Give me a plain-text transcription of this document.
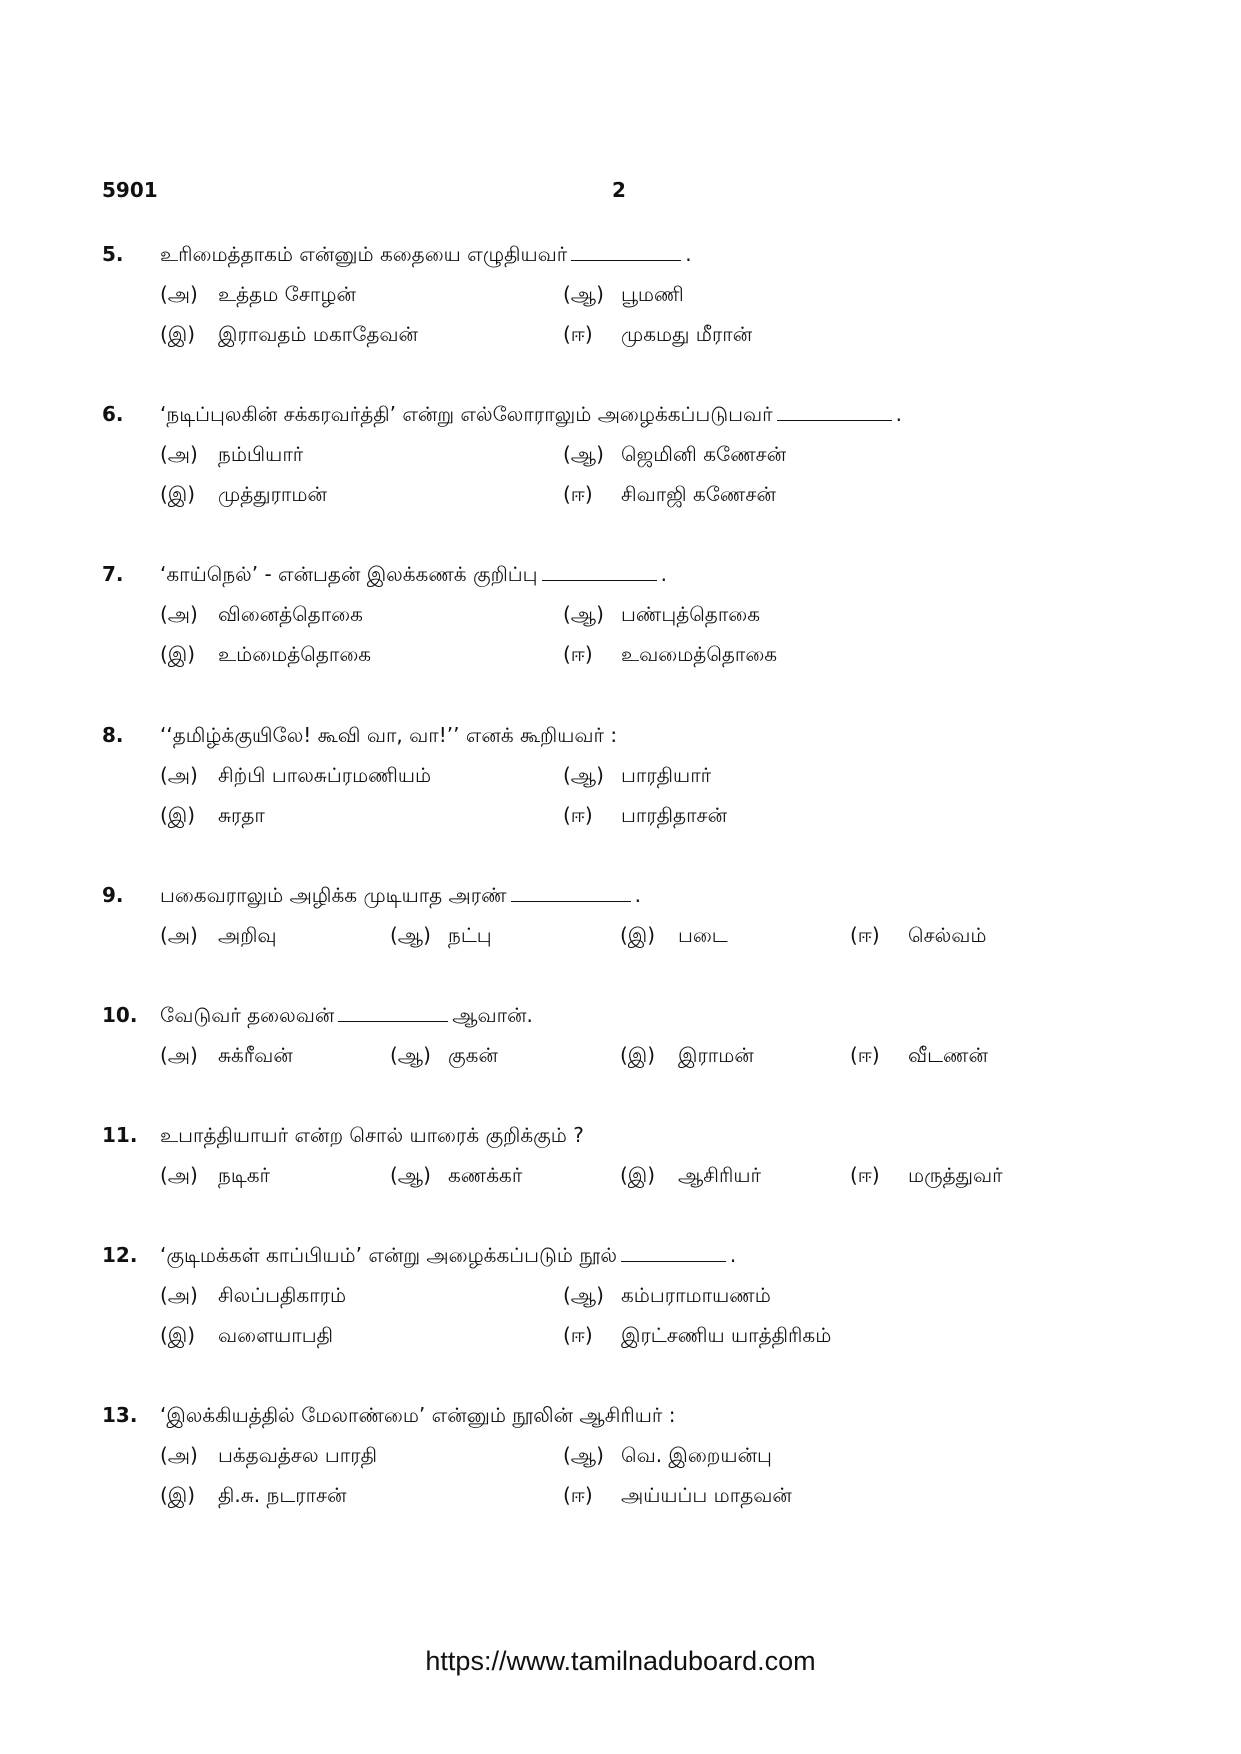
5901	2
5. உரிமைத்தாகம் என்னும் கதையை எழுதியவர்	.
(அ) உத்தம சோழன்	(ஆ) பூமணி
(இ) இராவதம் மகாதேவன்	(ஈ) முகமது மீரான்
6. ‘நடிப்புலகின் சக்கரவர்த்தி’ என்று எல்லோராலும் அழைக்கப்படுபவர்	.
(அ) நம்பியார்	(ஆ) ஜெமினி கணேசன்
(இ) முத்துராமன்	(ஈ) சிவாஜி கணேசன்
7. ‘காய்நெல்’ - என்பதன் இலக்கணக் குறிப்பு	.
(அ) வினைத்தொகை	(ஆ) பண்புத்தொகை
(இ) உம்மைத்தொகை	(ஈ) உவமைத்தொகை
8. ‘‘தமிழ்க்குயிலே! கூவி வா, வா!’’ எனக் கூறியவர் :
(அ) சிற்பி பாலசுப்ரமணியம்	(ஆ) பாரதியார்
(இ) சுரதா	(ஈ) பாரதிதாசன்
9. பகைவராலும் அழிக்க முடியாத அரண்	.
(அ) அறிவு	(ஆ) நட்பு	(இ) படை	(ஈ) செல்வம்
10. வேடுவர் தலைவன்	ஆவான்.
(அ) சுக்ரீவன்	(ஆ) குகன்	(இ) இராமன்	(ஈ) வீடணன்
11. உபாத்தியாயர் என்ற சொல் யாரைக் குறிக்கும் ?
(அ) நடிகர்	(ஆ) கணக்கர்	(இ) ஆசிரியர்	(ஈ) மருத்துவர்
12. ‘குடிமக்கள் காப்பியம்’ என்று அழைக்கப்படும் நூல்	.
(அ) சிலப்பதிகாரம்	(ஆ) கம்பராமாயணம்
(இ) வளையாபதி	(ஈ) இரட்சணிய யாத்திரிகம்
13. ‘இலக்கியத்தில் மேலாண்மை’ என்னும் நூலின் ஆசிரியர் :
(அ) பக்தவத்சல பாரதி	(ஆ) வெ. இறையன்பு
(இ) தி.சு. நடராசன்	(ஈ) அய்யப்ப மாதவன்
https://www.tamilnaduboard.com
